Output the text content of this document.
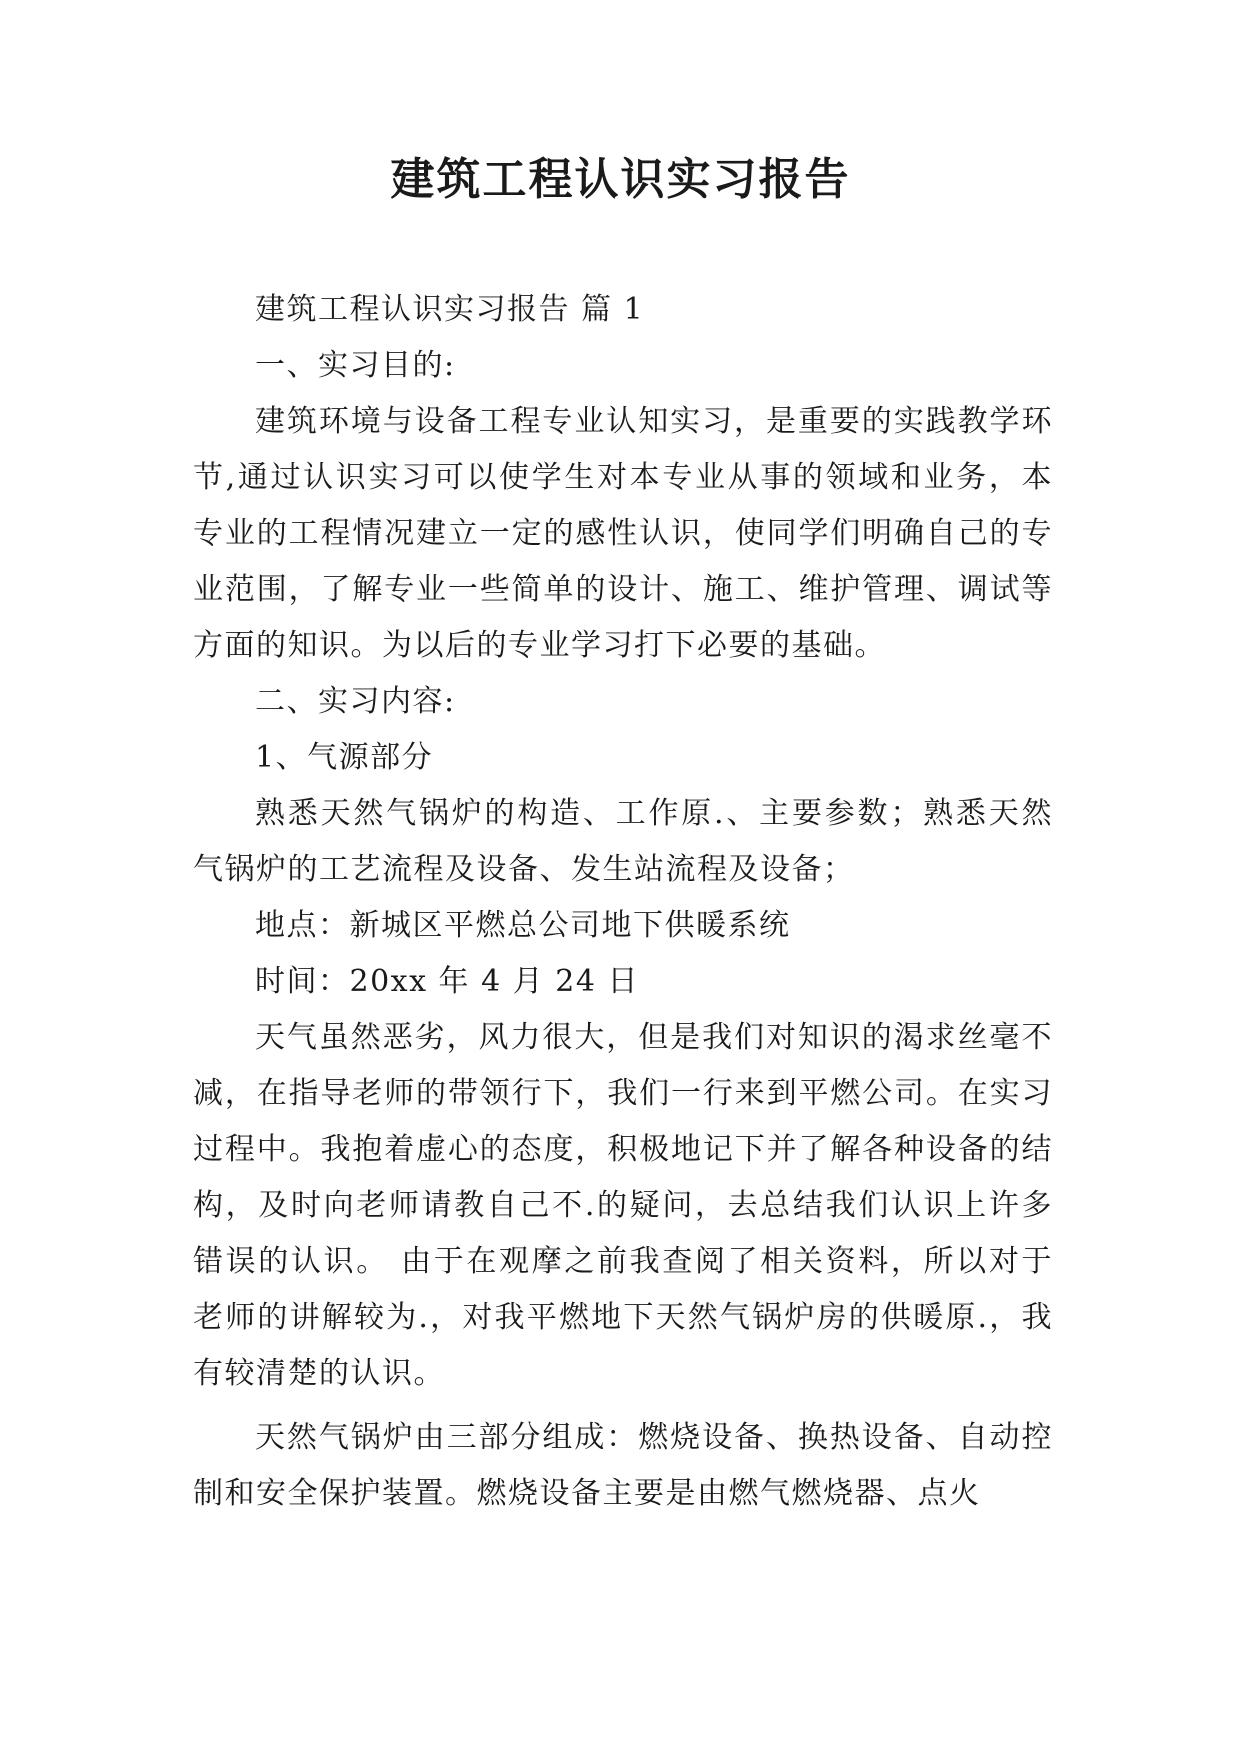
建筑工程认识实习报告

建筑工程认识实习报告 篇 1

一、实习目的:

建筑环境与设备工程专业认知实习，是重要的实践教学环节,通过认识实习可以使学生对本专业从事的领域和业务，本专业的工程情况建立一定的感性认识，使同学们明确自己的专业范围，了解专业一些简单的设计、施工、维护管理、调试等方面的知识。为以后的专业学习打下必要的基础。

二、实习内容:

1、气源部分

熟悉天然气锅炉的构造、工作原.、主要参数；熟悉天然气锅炉的工艺流程及设备、发生站流程及设备；

地点：新城区平燃总公司地下供暖系统

时间：20xx 年 4 月 24 日

天气虽然恶劣，风力很大，但是我们对知识的渴求丝毫不减，在指导老师的带领行下，我们一行来到平燃公司。在实习过程中。我抱着虚心的态度，积极地记下并了解各种设备的结构，及时向老师请教自己不.的疑问，去总结我们认识上许多错误的认识。 由于在观摩之前我查阅了相关资料，所以对于老师的讲解较为.，对我平燃地下天然气锅炉房的供暖原.，我有较清楚的认识。

天然气锅炉由三部分组成：燃烧设备、换热设备、自动控制和安全保护装置。燃烧设备主要是由燃气燃烧器、点火
